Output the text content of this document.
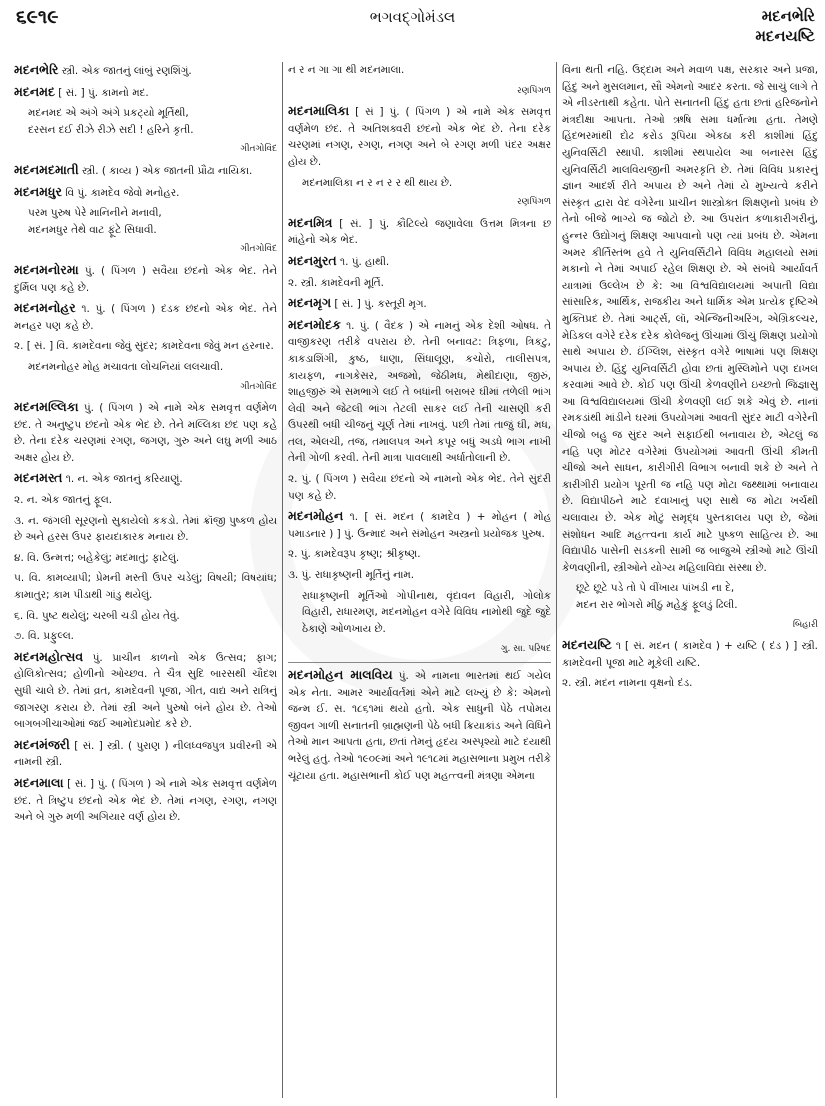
૬૯૧૯	ભગવદ્ગોમંડલ	મદનભેરિ
મદનયષ્ટિ

મદનભેરિ સ્ત્રી. એક જાતનું લાંબું રણશિંગું.

મદનમદ [ સં. ] પું. કામનો મદ.

મદનમદ એ અંગે અંગે પ્રકટ્યો મૂર્તિથી,
દરસન દઈ રીઝે રીઝે સદી ! હરિને કૃતી.
ગીતગોવિંદ

મદનમદમાતી સ્ત્રી. ( કાવ્ય ) એક જાતની પ્રૌઢા નાયિકા.

મદનમધુર વિ પું. કામદેવ જેવો મનોહર.

પરમ પુરુષ પેરે માનિનીને મનાવી,
મદનમધુર તેથે વાટ ફૂંટે સિધાવી.
ગીતગોવિંદ

મદનમનોરમા પું. ( પિંગળ ) સવૈયા છંદનો એક ભેદ. તેને દુર્મિલ પણ કહે છે.

મદનમનોહર ૧. પું. ( પિંગળ ) દંડક છંદનો એક ભેદ. તેને મનહર પણ કહે છે.

૨. [ સં. ] વિ. કામદેવના જેવું સુંદર; કામદેવના જેવું મન હરનાર.

મદનમનોહર મોહ મચાવતા લોચનિયાં લલચાવી.
ગીતગોવિંદ

મદનમલ્લિકા પું. ( પિંગળ ) એ નામે એક સમવૃત્ત વર્ણમેળ છંદ. તે અનુષ્ટુપ છંદનો એક ભેદ છે. તેને મલ્લિકા છંદ પણ કહે છે. તેના દરેક ચરણમાં રગણ, જગણ, ગુરુ અને લઘુ મળી આઠ અક્ષર હોય છે.

મદનમસ્ત ૧. ન. એક જાતનું કરિયાણું.

૨. ન. એક જાતનું ફૂલ.

૩. ન. જંગલી સૂરણનો સુકાયેલો કકડો. તેમાં ક્રૉંજી પુષ્કળ હોય છે અને હરસ ઉપર ફાયદાકારક મનાય છે.

૪. વિ. ઉન્મત્ત; બહેકેલું; મદમાતું; ફાટેલું.

૫. વિ. કામવ્યાપી; પ્રેમની મસ્તી ઉપર ચડેલું; વિષયી; વિષયાંધ; કામાતુર; કામ પીડાથી ગાંડુ થયેલું.

૬. વિ. પુષ્ટ થયેલું; ચરબી ચડી હોય તેવું.

૭. વિ. પ્રફુલ્લ.

મદનમહોત્સવ પું. પ્રાચીન કાળનો એક ઉત્સવ; ફાગ; હોલિકોત્સવ; હોળીનો ઓચ્છવ. તે ચૈત્ર સુદિ બારસથી ચૌદશ સુધી ચાલે છે. તેમાં વ્રત, કામદેવની પૂજા, ગીત, વાદ્ય અને રાત્રિનું જાગરણ કરાય છે. તેમાં સ્ત્રી અને પુરુષો બંને હોય છે. તેઓ બાગબગીચાઓમાં જઈ આમોદપ્રમોદ કરે છે.

મદનમંજરી [ સં. ] સ્ત્રી. ( પુરાણ ) નીલધ્વજપુત્ર પ્રવીરની એ નામની સ્ત્રી.

મદનમાલા [ સં. ] પું. ( પિંગળ ) એ નામે એક સમવૃત્ત વર્ણમેળ છંદ. તે ત્રિષ્ટુપ છંદનો એક ભેદ છે. તેમાં નગણ, રગણ, નગણ અને બે ગુરુ મળી અગિયાર વર્ણ હોય છે.

ન ર ન ગા ગા થી મદનમાલા.

રણપિંગળ

મદનમાલિકા [ સં ] પું. ( પિંગળ ) એ નામે એક સમવૃત્ત વર્ણમેળ છંદ. તે અતિશક્વરી છંદનો એક ભેદ છે. તેના દરેક ચરણમાં નગણ, રગણ, નગણ અને બે રગણ મળી પંદર અક્ષર હોય છે.

મદનમાલિકા ન ર ન ર ર થી થાય છે.
રણપિંગળ

મદનમિત્ર [ સં. ] પું. કૌટિલ્યે જણાવેલા ઉત્તમ મિત્રના છ માંહેનો એક ભેદ.

મદનમુરત ૧. પું. હાથી.

૨. સ્ત્રી. કામદેવની મૂર્તિ.

મદનમૃગ [ સં. ] પું. કસ્તૂરી મૃગ.

મદનમોદક ૧. પું. ( વૈદક ) એ નામનું એક દેશી ઓષધ. તે વાજીકરણ તરીકે વપરાય છે. તેની બનાવટ: ત્રિફળા, ત્રિકટુ, કાકડાશિંગી, કુષ્ઠ, ધાણા, સિંધાલૂણ, કચોરો, તાલીસપત્ર, કાયફળ, નાગકેસર, અજમો, જેઠીમધ, મેથીદાણા, જીરું, શાહજીરું એ સમભાગે લઈ તે બધાંની બરાબર ઘીમાં તળેલી ભાંગ લેવી અને જેટલી ભાંગ તેટલી સાકર લઈ તેની ચાસણી કરી ઉપરથી બધી ચીજનું ચૂર્ણ તેમાં નાખવું. પછી તેમાં તાજું ઘી, મધ, તલ, એલચી, તજ, તમાલપત્ર અને કપૂર બધું અડધે ભાગ નાખી તેની ગોળી કરવી. તેની માત્રા પાવલાથી અર્ધાતોલાની છે.

૨. પું. ( પિંગળ ) સવૈયા છંદનો એ નામનો એક ભેદ. તેને સુંદરી પણ કહે છે.

મદનમોહન ૧. [ સં. મદન ( કામદેવ ) + મોહન ( મોહ પમાડનાર ) ] પું. ઉન્માદ અને સંમોહન અસ્ત્રનો પ્રયોજક પુરુષ.

૨. પું. કામદેવરૂપ કૃષ્ણ; શ્રીકૃષ્ણ.

૩. પું. રાધાકૃષ્ણની મૂર્તિનું નામ.

રાધાકૃષ્ણની મૂર્તિઓ ગોપીનાથ, વૃંદાવન વિહારી, ગોલોક વિહારી, રાધારમણ, મદનમોહન વગેરે વિવિધ નામોથી જુદે જુદે ઠેકાણે ઓળખાય છે.

ગુ. સા. પરિષદ

મદનમોહન માલવિય પું. એ નામના ભારતમાં થઈ ગયેલ એક નેતા. આમર આર્યાવર્તમાં એને માટે લખ્યું છે કે: એમનો જન્મ ઈ. સ. ૧૮૬૧માં થયો હતો. એક સાધુની પેઠે તપોમય જીવન ગાળી સનાતની બ્રાહ્મણની પેઠે બધી ક્રિયાકાંડ અને વિધિને તેઓ માન આપતા હતા, છતાં તેમનું હૃદય અસ્પૃશ્યો માટે દયાથી ભરેલું હતું. તેઓ ૧૯૦૯માં અને ૧૯૧૮માં મહાસભાના પ્રમુખ તરીકે ચૂંટાયા હતા. મહાસભાની કોઈ પણ મહત્ત્વની મંત્રણા એમના

વિના થતી નહિ. ઉદ્દામ અને મવાળ પક્ષ, સરકાર અને પ્રજા, હિંદુ અને મુસલમાન, સૌ એમનો આદર કરતા. જે સાચું લાગે તે એ નીડરતાથી કહેતા. પોતે સનાતની હિંદુ હતા છતાં હરિજનોને મંત્રદીક્ષા આપતા. તેઓ ઋષિ સમા ધર્માત્મા હતા. તેમણે હિંદભરમાંથી દોઢ કરોડ રૂપિયા એકઠા કરી કાશીમાં હિંદુ યુનિવર્સિટી સ્થાપી. કાશીમાં સ્થપાયેલ આ બનારસ હિંદુ યુનિવર્સિટી માલવિયજીની અમરકૃતિ છે. તેમાં વિવિધ પ્રકારનું જ્ઞાન આદર્શ રીતે અપાય છે અને તેમાં યે મુખ્યત્વે કરીને સંસ્કૃત દ્વારા વેદ વગેરેના પ્રાચીન શાસ્ત્રોક્ત શિક્ષણનો પ્રબંધ છે તેનો બીજે ભાગ્યે જ જોટો છે. આ ઉપરાંત કળાકારીગરીનું, હુન્નર ઉદ્યોગનું શિક્ષણ આપવાનો પણ ત્યાં પ્રબંધ છે. એમના અમર કીર્તિસ્તંભ હવે તે યુનિવર્સિટીને વિવિધ મહાલયો સમાં મકાનો ને તેમાં અપાઈ રહેલ શિક્ષણ છે. એ સંબંધે આર્યાવર્ત યાત્રામાં ઉલ્લેખ છે કે: આ વિશ્વવિદ્યાલયમાં અપાતી વિદ્યા સાંસારિક, આર્થિક, રાજકીય અને ધાર્મિક એમ પ્રત્યેક દૃષ્ટિએ મુક્તિપ્રદ છે. તેમાં આર્ટ્સ, લૉ, એન્જિનીઅરિંગ, એગ્રિકલ્ચર, મેડિકલ વગેરે દરેક દરેક કોલેજનું ઊંચામાં ઊંચું શિક્ષણ પ્રયોગો સાથે અપાય છે. ઈંગ્લિશ, સંસ્કૃત વગેરે ભાષામાં પણ શિક્ષણ અપાય છે. હિંદુ યુનિવર્સિટી હોવા છતાં મુસ્લિમોને પણ દાખલ કરવામાં આવે છે. કોઈ પણ ઊંચી કેળવણીને ઇચ્છતો જિજ્ઞાસુ આ વિશ્વવિદ્યાલયમાં ઊંચી કેળવણી લઈ શકે એવું છે. નાનાં રમકડાંથી માંડીને ઘરમાં ઉપયોગમાં આવતી સુંદર માટી વગેરેની ચીજો બહુ જ સુંદર અને સફાઈથી બનાવાય છે, એટલું જ નહિ પણ મોટર વગેરેમાં ઉપયોગમાં આવતી ઊંચી કીમતી ચીજો અને સાધન, કારીગીરી વિભાગ બનાવી શકે છે અને તે કારીગીરી પ્રયોગ પૂરતી જ નહિ પણ મોટા જથ્થામાં બનાવાય છે. વિદ્યાપીઠને માટે દવાખાનું પણ સાથે જ મોટા ખર્ચથી ચલાવાય છે. એક મોટું સમૃદ્ધ પુસ્તકાલય પણ છે, જેમાં સંશોધન આદિ મહત્ત્વના કાર્ય માટે પુષ્કળ સાહિત્ય છે. આ વિદ્યાપીઠ પાસેની સડકની સામી જ બાજુએ સ્ત્રીઓ માટે ઊંચી કેળવણીની, સ્ત્રીઓને યોગ્ય મહિલાવિદ્યા સંસ્થા છે.

છૂટે છૂટે પડે તો પે વીંખાય પાંખડી ના દે,
મદન રાર ભોગરો મીઠું મહેકું ફૂલડું ઢિલી.
બિહારી

મદનયષ્ટિ ૧ [ સં. મદન ( કામદેવ ) + યષ્ટિ ( દંડ ) ] સ્ત્રી. કામદેવની પૂજા માટે મૂકેલી યષ્ટિ.

૨. સ્ત્રી. મદન નામના વૃક્ષનો દંડ.
